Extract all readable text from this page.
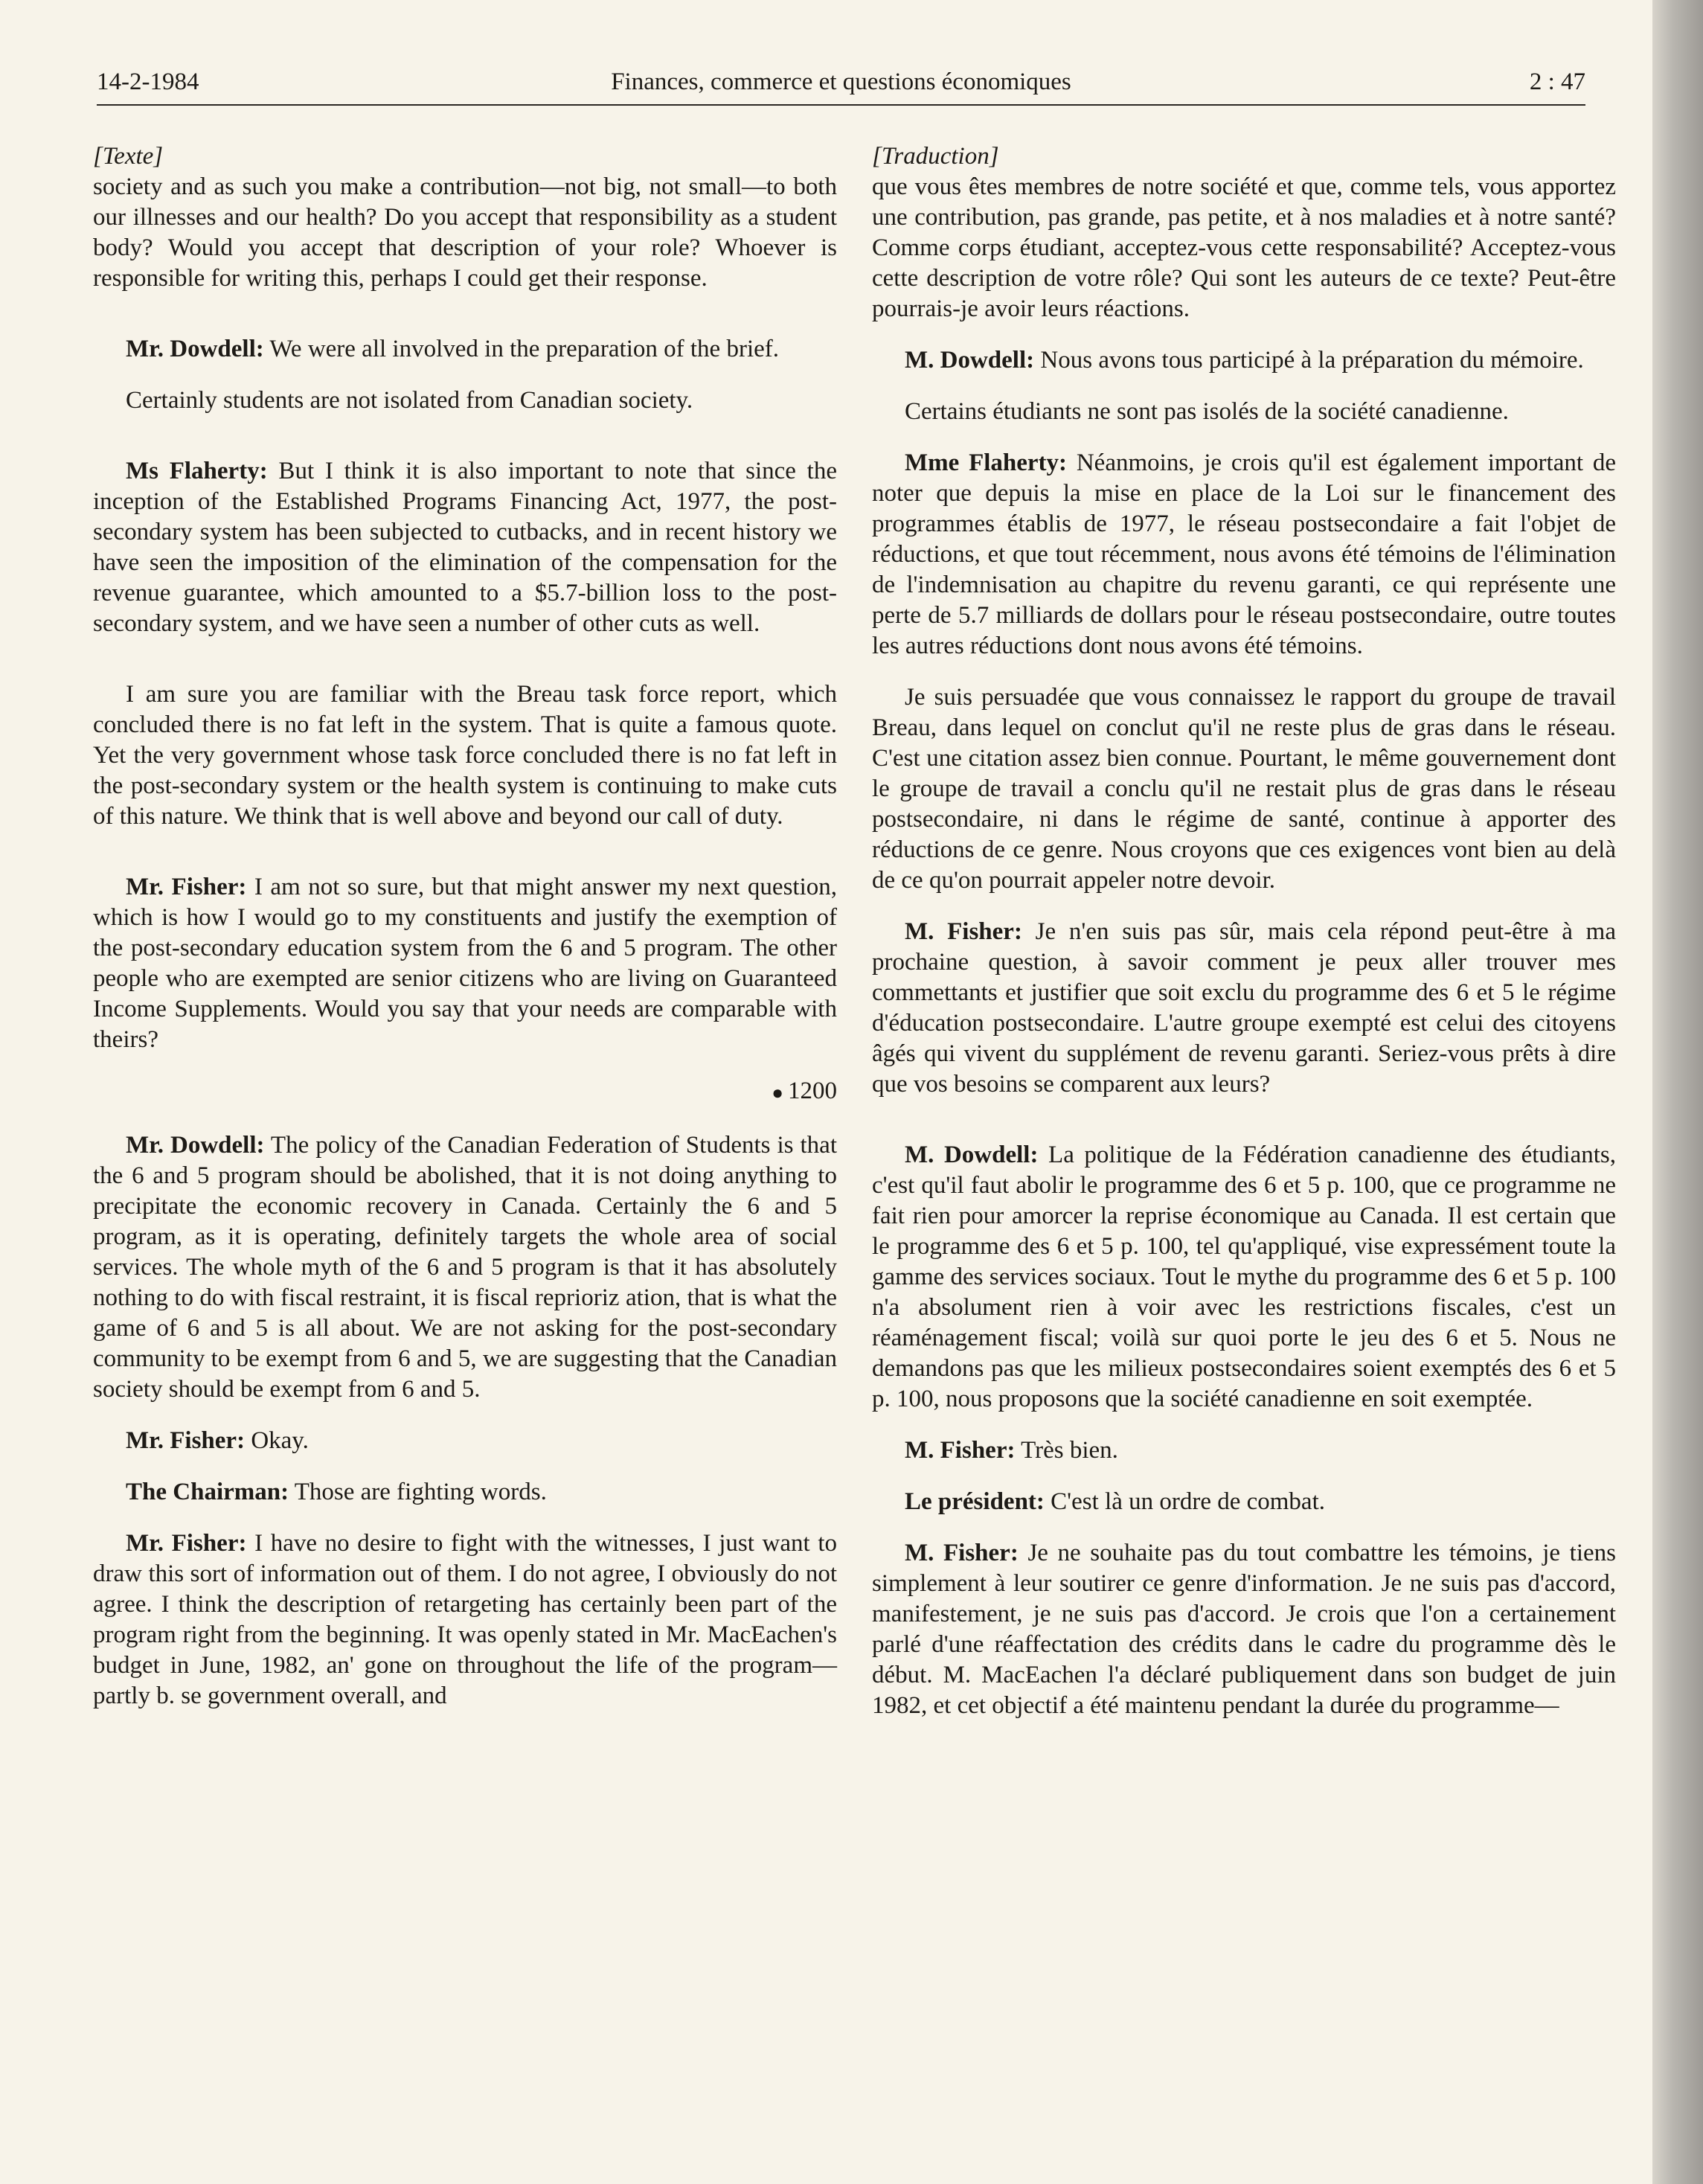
14-2-1984	Finances, commerce et questions économiques	2 : 47
[Texte]

society and as such you make a contribution—not big, not small—to both our illnesses and our health? Do you accept that responsibility as a student body? Would you accept that description of your role? Whoever is responsible for writing this, perhaps I could get their response.

Mr. Dowdell: We were all involved in the preparation of the brief.

Certainly students are not isolated from Canadian society.

Ms Flaherty: But I think it is also important to note that since the inception of the Established Programs Financing Act, 1977, the post-secondary system has been subjected to cutbacks, and in recent history we have seen the imposition of the elimination of the compensation for the revenue guarantee, which amounted to a $5.7-billion loss to the post-secondary system, and we have seen a number of other cuts as well.

I am sure you are familiar with the Breau task force report, which concluded there is no fat left in the system. That is quite a famous quote. Yet the very government whose task force concluded there is no fat left in the post-secondary system or the health system is continuing to make cuts of this nature. We think that is well above and beyond our call of duty.

Mr. Fisher: I am not so sure, but that might answer my next question, which is how I would go to my constituents and justify the exemption of the post-secondary education system from the 6 and 5 program. The other people who are exempted are senior citizens who are living on Guaranteed Income Supplements. Would you say that your needs are comparable with theirs?

● 1200

Mr. Dowdell: The policy of the Canadian Federation of Students is that the 6 and 5 program should be abolished, that it is not doing anything to precipitate the economic recovery in Canada. Certainly the 6 and 5 program, as it is operating, definitely targets the whole area of social services. The whole myth of the 6 and 5 program is that it has absolutely nothing to do with fiscal restraint, it is fiscal reprioriz ation, that is what the game of 6 and 5 is all about. We are not asking for the post-secondary community to be exempt from 6 and 5, we are suggesting that the Canadian society should be exempt from 6 and 5.

Mr. Fisher: Okay.

The Chairman: Those are fighting words.

Mr. Fisher: I have no desire to fight with the witnesses, I just want to draw this sort of information out of them. I do not agree, I obviously do not agree. I think the description of retargeting has certainly been part of the program right from the beginning. It was openly stated in Mr. MacEachen's budget in June, 1982, an' gone on throughout the life of the program—partly b. se government overall, and

[Traduction]

que vous êtes membres de notre société et que, comme tels, vous apportez une contribution, pas grande, pas petite, et à nos maladies et à notre santé? Comme corps étudiant, acceptez-vous cette responsabilité? Acceptez-vous cette description de votre rôle? Qui sont les auteurs de ce texte? Peut-être pourrais-je avoir leurs réactions.

M. Dowdell: Nous avons tous participé à la préparation du mémoire.

Certains étudiants ne sont pas isolés de la société canadienne.

Mme Flaherty: Néanmoins, je crois qu'il est également important de noter que depuis la mise en place de la Loi sur le financement des programmes établis de 1977, le réseau postsecondaire a fait l'objet de réductions, et que tout récemment, nous avons été témoins de l'élimination de l'indemnisation au chapitre du revenu garanti, ce qui représente une perte de 5.7 milliards de dollars pour le réseau postsecondaire, outre toutes les autres réductions dont nous avons été témoins.

Je suis persuadée que vous connaissez le rapport du groupe de travail Breau, dans lequel on conclut qu'il ne reste plus de gras dans le réseau. C'est une citation assez bien connue. Pourtant, le même gouvernement dont le groupe de travail a conclu qu'il ne restait plus de gras dans le réseau postsecondaire, ni dans le régime de santé, continue à apporter des réductions de ce genre. Nous croyons que ces exigences vont bien au delà de ce qu'on pourrait appeler notre devoir.

M. Fisher: Je n'en suis pas sûr, mais cela répond peut-être à ma prochaine question, à savoir comment je peux aller trouver mes commettants et justifier que soit exclu du programme des 6 et 5 le régime d'éducation postsecondaire. L'autre groupe exempté est celui des citoyens âgés qui vivent du supplément de revenu garanti. Seriez-vous prêts à dire que vos besoins se comparent aux leurs?

M. Dowdell: La politique de la Fédération canadienne des étudiants, c'est qu'il faut abolir le programme des 6 et 5 p. 100, que ce programme ne fait rien pour amorcer la reprise économique au Canada. Il est certain que le programme des 6 et 5 p. 100, tel qu'appliqué, vise expressément toute la gamme des services sociaux. Tout le mythe du programme des 6 et 5 p. 100 n'a absolument rien à voir avec les restrictions fiscales, c'est un réaménagement fiscal; voilà sur quoi porte le jeu des 6 et 5. Nous ne demandons pas que les milieux postsecondaires soient exemptés des 6 et 5 p. 100, nous proposons que la société canadienne en soit exemptée.

M. Fisher: Très bien.

Le président: C'est là un ordre de combat.

M. Fisher: Je ne souhaite pas du tout combattre les témoins, je tiens simplement à leur soutirer ce genre d'information. Je ne suis pas d'accord, manifestement, je ne suis pas d'accord. Je crois que l'on a certainement parlé d'une réaffectation des crédits dans le cadre du programme dès le début. M. MacEachen l'a déclaré publiquement dans son budget de juin 1982, et cet objectif a été maintenu pendant la durée du programme—
